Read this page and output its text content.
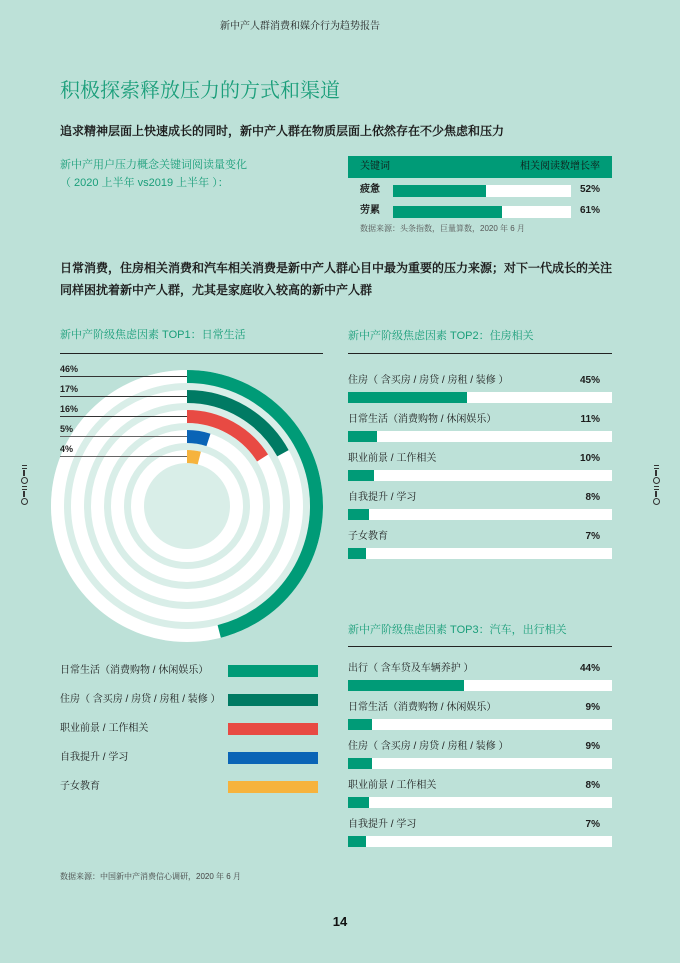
新中产人群消费和媒介行为趋势报告
积极探索释放压力的方式和渠道
追求精神层面上快速成长的同时，新中产人群在物质层面上依然存在不少焦虑和压力
新中产用户压力概念关键词阅读量变化
（ 2020 上半年 vs2019 上半年 ）：
关键词	相关阅读数增长率
疲惫	52%
劳累	61%
数据来源：头条指数，巨量算数，2020 年 6 月
日常消费，住房相关消费和汽车相关消费是新中产人群心目中最为重要的压力来源；对下一代成长的关注同样困扰着新中产人群，尤其是家庭收入较高的新中产人群
新中产阶级焦虑因素 TOP1：日常生活
46%
17%
16%
5%
4%
日常生活（消费购物 / 休闲娱乐）
住房（ 含买房 / 房贷 / 房租 / 装修 ）
职业前景 / 工作相关
自我提升 / 学习
子女教育
新中产阶级焦虑因素 TOP2：住房相关
住房（ 含买房 / 房贷 / 房租 / 装修 ）	45%
日常生活（消费购物 / 休闲娱乐）	11%
职业前景 / 工作相关	10%
自我提升 / 学习	8%
子女教育	7%
新中产阶级焦虑因素 TOP3：汽车，出行相关
出行（ 含车贷及车辆养护 ）	44%
日常生活（消费购物 / 休闲娱乐）	9%
住房（ 含买房 / 房贷 / 房租 / 装修 ）	9%
职业前景 / 工作相关	8%
自我提升 / 学习	7%
数据来源：中国新中产消费信心调研，2020 年 6 月
14
